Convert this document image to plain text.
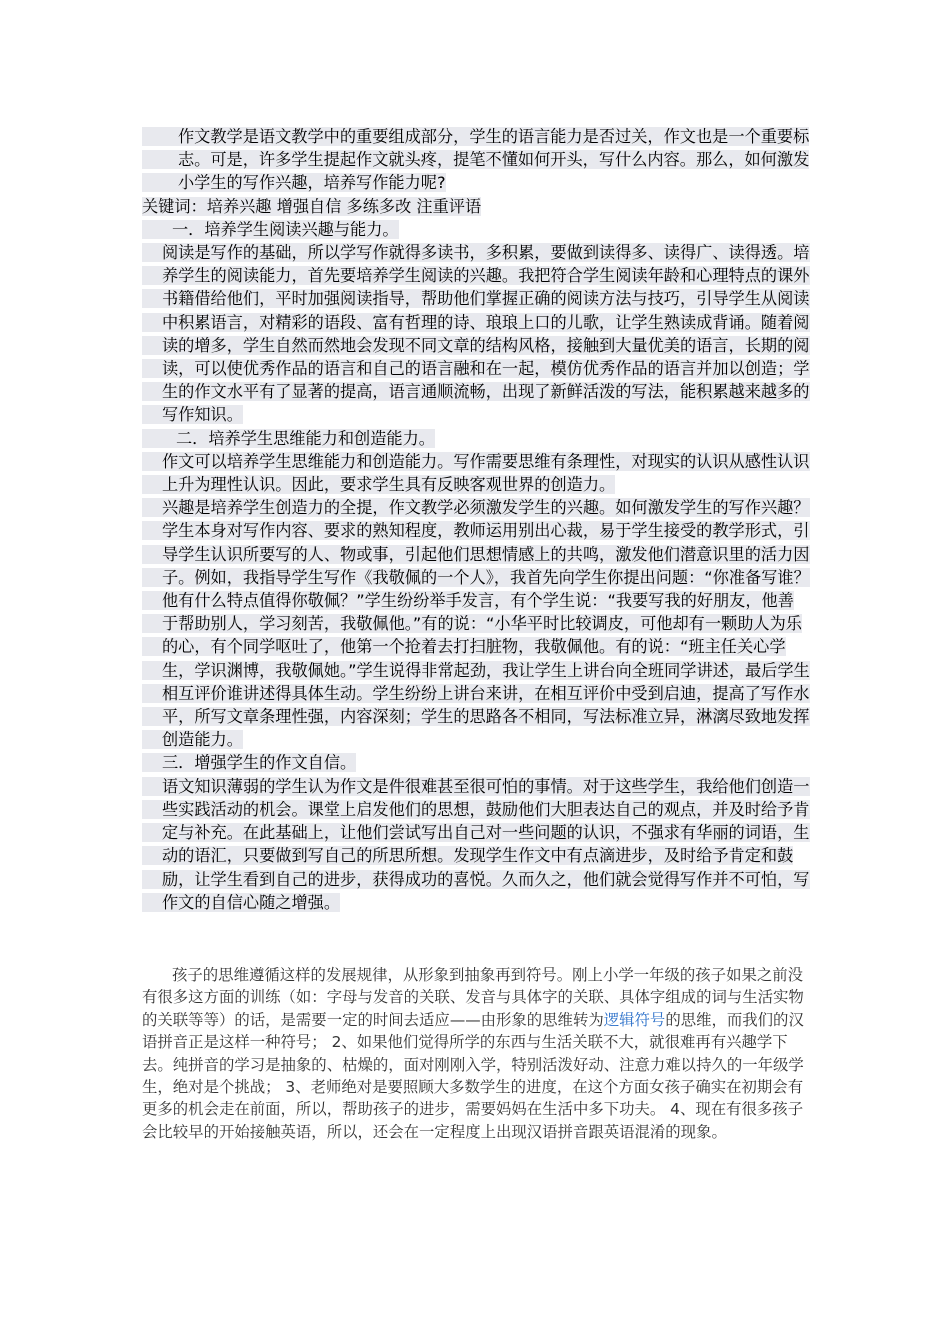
作文教学是语文教学中的重要组成部分，学生的语言能力是否过关，作文也是一个重要标志。可是，许多学生提起作文就头疼，提笔不懂如何开头，写什么内容。那么，如何激发小学生的写作兴趣，培养写作能力呢?

关键词：培养兴趣 增强自信 多练多改 注重评语

一．培养学生阅读兴趣与能力。

阅读是写作的基础，所以学写作就得多读书，多积累，要做到读得多、读得广、读得透。培养学生的阅读能力，首先要培养学生阅读的兴趣。我把符合学生阅读年龄和心理特点的课外书籍借给他们，平时加强阅读指导，帮助他们掌握正确的阅读方法与技巧，引导学生从阅读中积累语言，对精彩的语段、富有哲理的诗、琅琅上口的儿歌，让学生熟读成背诵。随着阅读的增多，学生自然而然地会发现不同文章的结构风格，接触到大量优美的语言，长期的阅读，可以使优秀作品的语言和自己的语言融和在一起，模仿优秀作品的语言并加以创造；学生的作文水平有了显著的提高，语言通顺流畅，出现了新鲜活泼的写法，能积累越来越多的写作知识。

二．培养学生思维能力和创造能力。

作文可以培养学生思维能力和创造能力。写作需要思维有条理性，对现实的认识从感性认识上升为理性认识。因此，要求学生具有反映客观世界的创造力。

兴趣是培养学生创造力的全提，作文教学必须激发学生的兴趣。如何激发学生的写作兴趣？学生本身对写作内容、要求的熟知程度，教师运用别出心裁，易于学生接受的教学形式，引导学生认识所要写的人、物或事，引起他们思想情感上的共鸣，激发他们潜意识里的活力因子。例如，我指导学生写作《我敬佩的一个人》，我首先向学生你提出问题：“你准备写谁？他有什么特点值得你敬佩？”学生纷纷举手发言，有个学生说：“我要写我的好朋友，他善于帮助别人，学习刻苦，我敬佩他。”有的说：“小华平时比较调皮，可他却有一颗助人为乐的心，有个同学呕吐了，他第一个抢着去打扫脏物，我敬佩他。有的说：“班主任关心学生，学识渊博，我敬佩她。”学生说得非常起劲，我让学生上讲台向全班同学讲述，最后学生相互评价谁讲述得具体生动。学生纷纷上讲台来讲，在相互评价中受到启迪，提高了写作水平，所写文章条理性强，内容深刻；学生的思路各不相同，写法标准立异，淋漓尽致地发挥创造能力。

三．增强学生的作文自信。

语文知识薄弱的学生认为作文是件很难甚至很可怕的事情。对于这些学生，我给他们创造一些实践活动的机会。课堂上启发他们的思想，鼓励他们大胆表达自己的观点，并及时给予肯定与补充。在此基础上，让他们尝试写出自己对一些问题的认识，不强求有华丽的词语，生动的语汇，只要做到写自己的所思所想。发现学生作文中有点滴进步，及时给予肯定和鼓励，让学生看到自己的进步，获得成功的喜悦。久而久之，他们就会觉得写作并不可怕，写作文的自信心随之增强。

孩子的思维遵循这样的发展规律，从形象到抽象再到符号。刚上小学一年级的孩子如果之前没有很多这方面的训练（如：字母与发音的关联、发音与具体字的关联、具体字组成的词与生活实物的关联等等）的话，是需要一定的时间去适应——由形象的思维转为逻辑符号的思维，而我们的汉语拼音正是这样一种符号； 2、如果他们觉得所学的东西与生活关联不大，就很难再有兴趣学下去。纯拼音的学习是抽象的、枯燥的，面对刚刚入学，特别活泼好动、注意力难以持久的一年级学生，绝对是个挑战； 3、老师绝对是要照顾大多数学生的进度，在这个方面女孩子确实在初期会有更多的机会走在前面，所以，帮助孩子的进步，需要妈妈在生活中多下功夫。 4、现在有很多孩子会比较早的开始接触英语，所以，还会在一定程度上出现汉语拼音跟英语混淆的现象。
